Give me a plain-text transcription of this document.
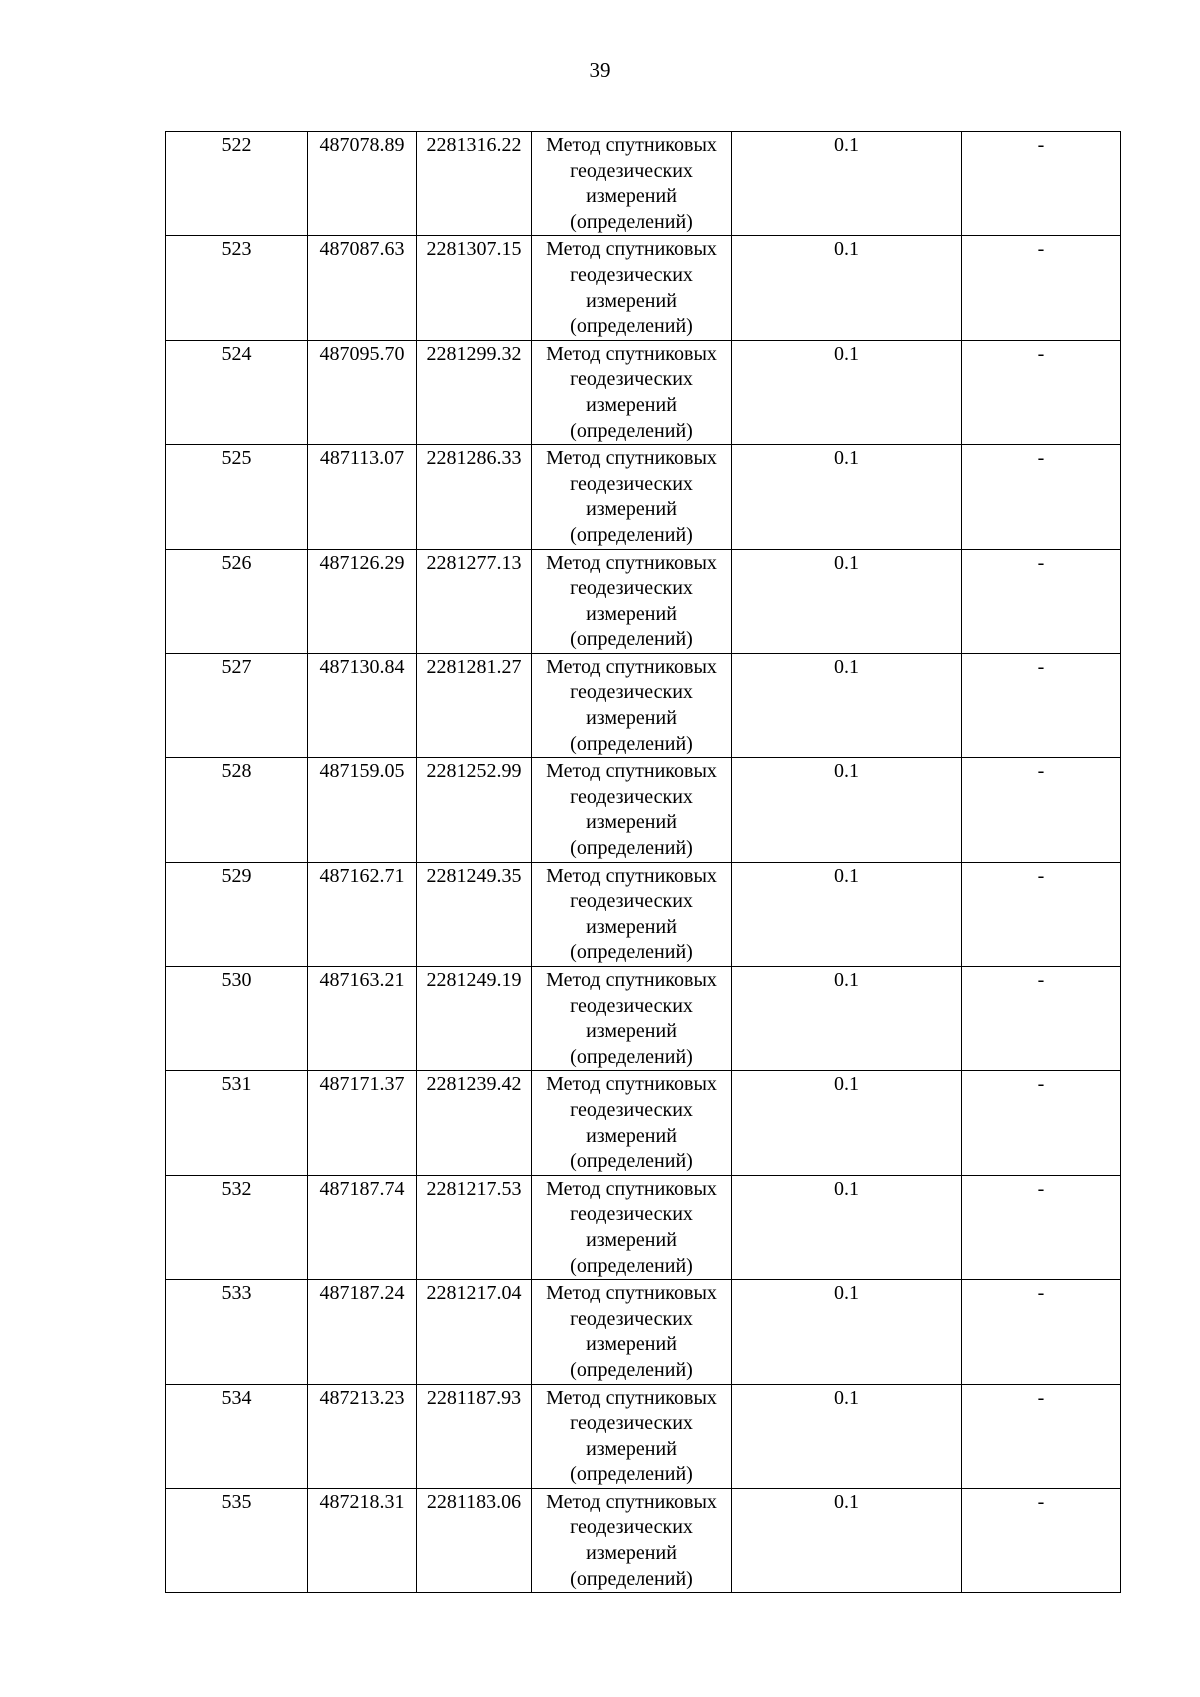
39
522	487078.89	2281316.22	Метод спутниковых геодезических измерений (определений)	0.1	-
523	487087.63	2281307.15	Метод спутниковых геодезических измерений (определений)	0.1	-
524	487095.70	2281299.32	Метод спутниковых геодезических измерений (определений)	0.1	-
525	487113.07	2281286.33	Метод спутниковых геодезических измерений (определений)	0.1	-
526	487126.29	2281277.13	Метод спутниковых геодезических измерений (определений)	0.1	-
527	487130.84	2281281.27	Метод спутниковых геодезических измерений (определений)	0.1	-
528	487159.05	2281252.99	Метод спутниковых геодезических измерений (определений)	0.1	-
529	487162.71	2281249.35	Метод спутниковых геодезических измерений (определений)	0.1	-
530	487163.21	2281249.19	Метод спутниковых геодезических измерений (определений)	0.1	-
531	487171.37	2281239.42	Метод спутниковых геодезических измерений (определений)	0.1	-
532	487187.74	2281217.53	Метод спутниковых геодезических измерений (определений)	0.1	-
533	487187.24	2281217.04	Метод спутниковых геодезических измерений (определений)	0.1	-
534	487213.23	2281187.93	Метод спутниковых геодезических измерений (определений)	0.1	-
535	487218.31	2281183.06	Метод спутниковых геодезических измерений (определений)	0.1	-
